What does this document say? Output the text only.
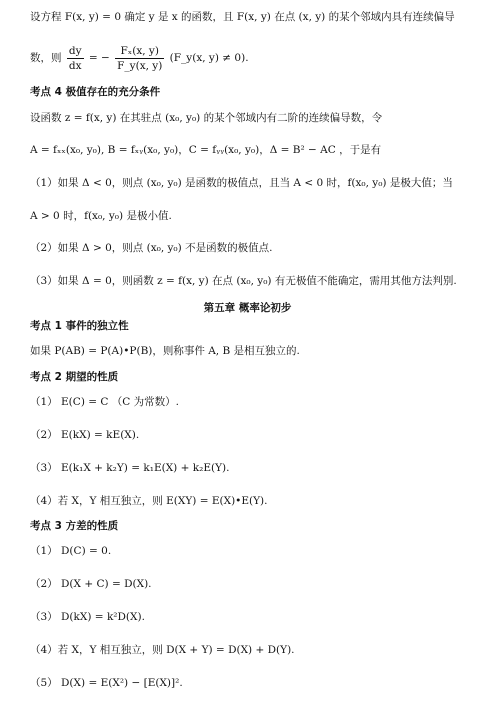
设方程 F(x, y) = 0 确定 y 是 x 的函数，且 F(x, y) 在点 (x, y) 的某个邻域内具有连续偏导
数，则 $\frac{dy}{dx}$ = − $\frac{\text{Fₓ(x, y)}}{F\_y(x, y)}$ (F_y(x, y) ≠ 0).
考点 4 极值存在的充分条件
设函数 z = f(x, y) 在其驻点 (x₀, y₀) 的某个邻域内有二阶的连续偏导数，令
A = fₓₓ(x₀, y₀), B = fₓᵧ(x₀, y₀)，C = fᵧᵧ(x₀, y₀)，Δ = B² − AC ，于是有
（1）如果 Δ < 0，则点 (x₀, y₀) 是函数的极值点，且当 A < 0 时，f(x₀, y₀) 是极大值；当
A > 0 时，f(x₀, y₀) 是极小值.
（2）如果 Δ > 0，则点 (x₀, y₀) 不是函数的极值点.
（3）如果 Δ = 0，则函数 z = f(x, y) 在点 (x₀, y₀) 有无极值不能确定，需用其他方法判别.
第五章 概率论初步
考点 1 事件的独立性
如果 P(AB) = P(A)•P(B)，则称事件 A, B 是相互独立的.
考点 2 期望的性质
（1） E(C) = C （C 为常数）.
（2） E(kX) = kE(X).
（3） E(k₁X + k₂Y) = k₁E(X) + k₂E(Y).
（4）若 X，Y 相互独立，则 E(XY) = E(X)•E(Y).
考点 3 方差的性质
（1） D(C) = 0.
（2） D(X + C) = D(X).
（3） D(kX) = k²D(X).
（4）若 X，Y 相互独立，则 D(X + Y) = D(X) + D(Y).
（5） D(X) = E(X²) − [E(X)]².
